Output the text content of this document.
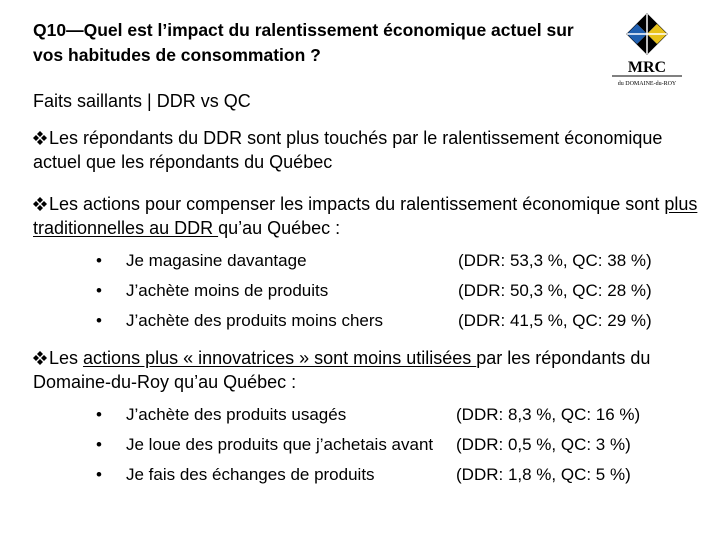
Q10—Quel est l’impact du ralentissement économique actuel sur vos habitudes de consommation ?
MRC
du DOMAINE-du-ROY
Faits saillants | DDR vs QC
Les répondants du DDR sont plus touchés par le ralentissement économique actuel que les répondants du Québec
Les actions pour compenser les impacts du ralentissement économique sont plus traditionnelles au DDR qu’au Québec :
•	Je magasine davantage	(DDR: 53,3 %, QC: 38 %)
•	J’achète moins de produits	(DDR: 50,3 %, QC: 28 %)
•	J’achète des produits moins chers	(DDR: 41,5 %, QC: 29 %)
Les actions plus « innovatrices » sont moins utilisées par les répondants du Domaine-du-Roy qu’au Québec :
•	J’achète des produits usagés	(DDR: 8,3 %, QC: 16 %)
•	Je loue des produits que j’achetais avant	(DDR: 0,5 %, QC: 3 %)
•	Je fais des échanges de produits	(DDR: 1,8 %, QC: 5 %)
